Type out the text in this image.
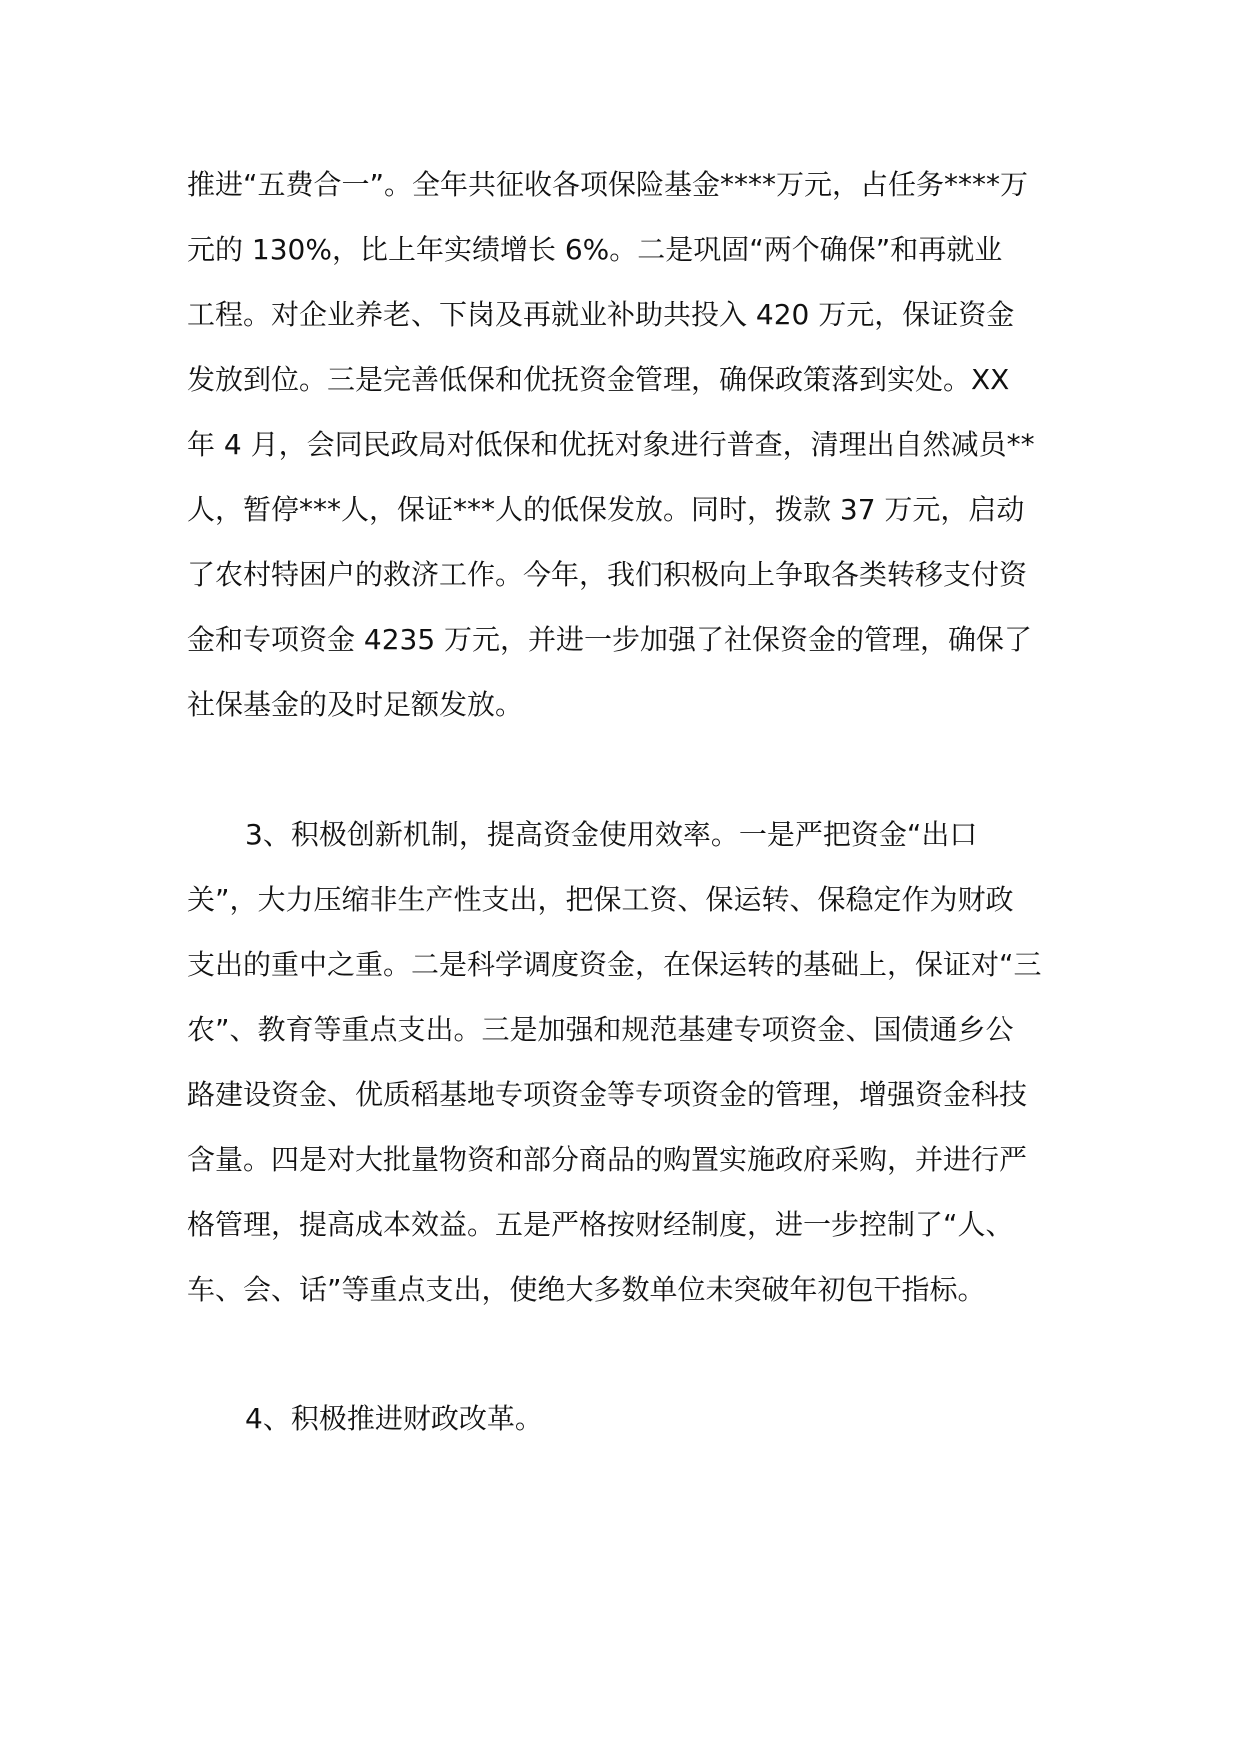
推进“五费合一”。全年共征收各项保险基金****万元，占任务****万
元的 130%，比上年实绩增长 6%。二是巩固“两个确保”和再就业
工程。对企业养老、下岗及再就业补助共投入 420 万元，保证资金
发放到位。三是完善低保和优抚资金管理，确保政策落到实处。XX
年 4 月，会同民政局对低保和优抚对象进行普查，清理出自然减员**
人，暂停***人，保证***人的低保发放。同时，拨款 37 万元，启动
了农村特困户的救济工作。今年，我们积极向上争取各类转移支付资
金和专项资金 4235 万元，并进一步加强了社保资金的管理，确保了
社保基金的及时足额发放。
3、积极创新机制，提高资金使用效率。一是严把资金“出口
关”，大力压缩非生产性支出，把保工资、保运转、保稳定作为财政
支出的重中之重。二是科学调度资金，在保运转的基础上，保证对“三
农”、教育等重点支出。三是加强和规范基建专项资金、国债通乡公
路建设资金、优质稻基地专项资金等专项资金的管理，增强资金科技
含量。四是对大批量物资和部分商品的购置实施政府采购，并进行严
格管理，提高成本效益。五是严格按财经制度，进一步控制了“人、
车、会、话”等重点支出，使绝大多数单位未突破年初包干指标。
4、积极推进财政改革。
